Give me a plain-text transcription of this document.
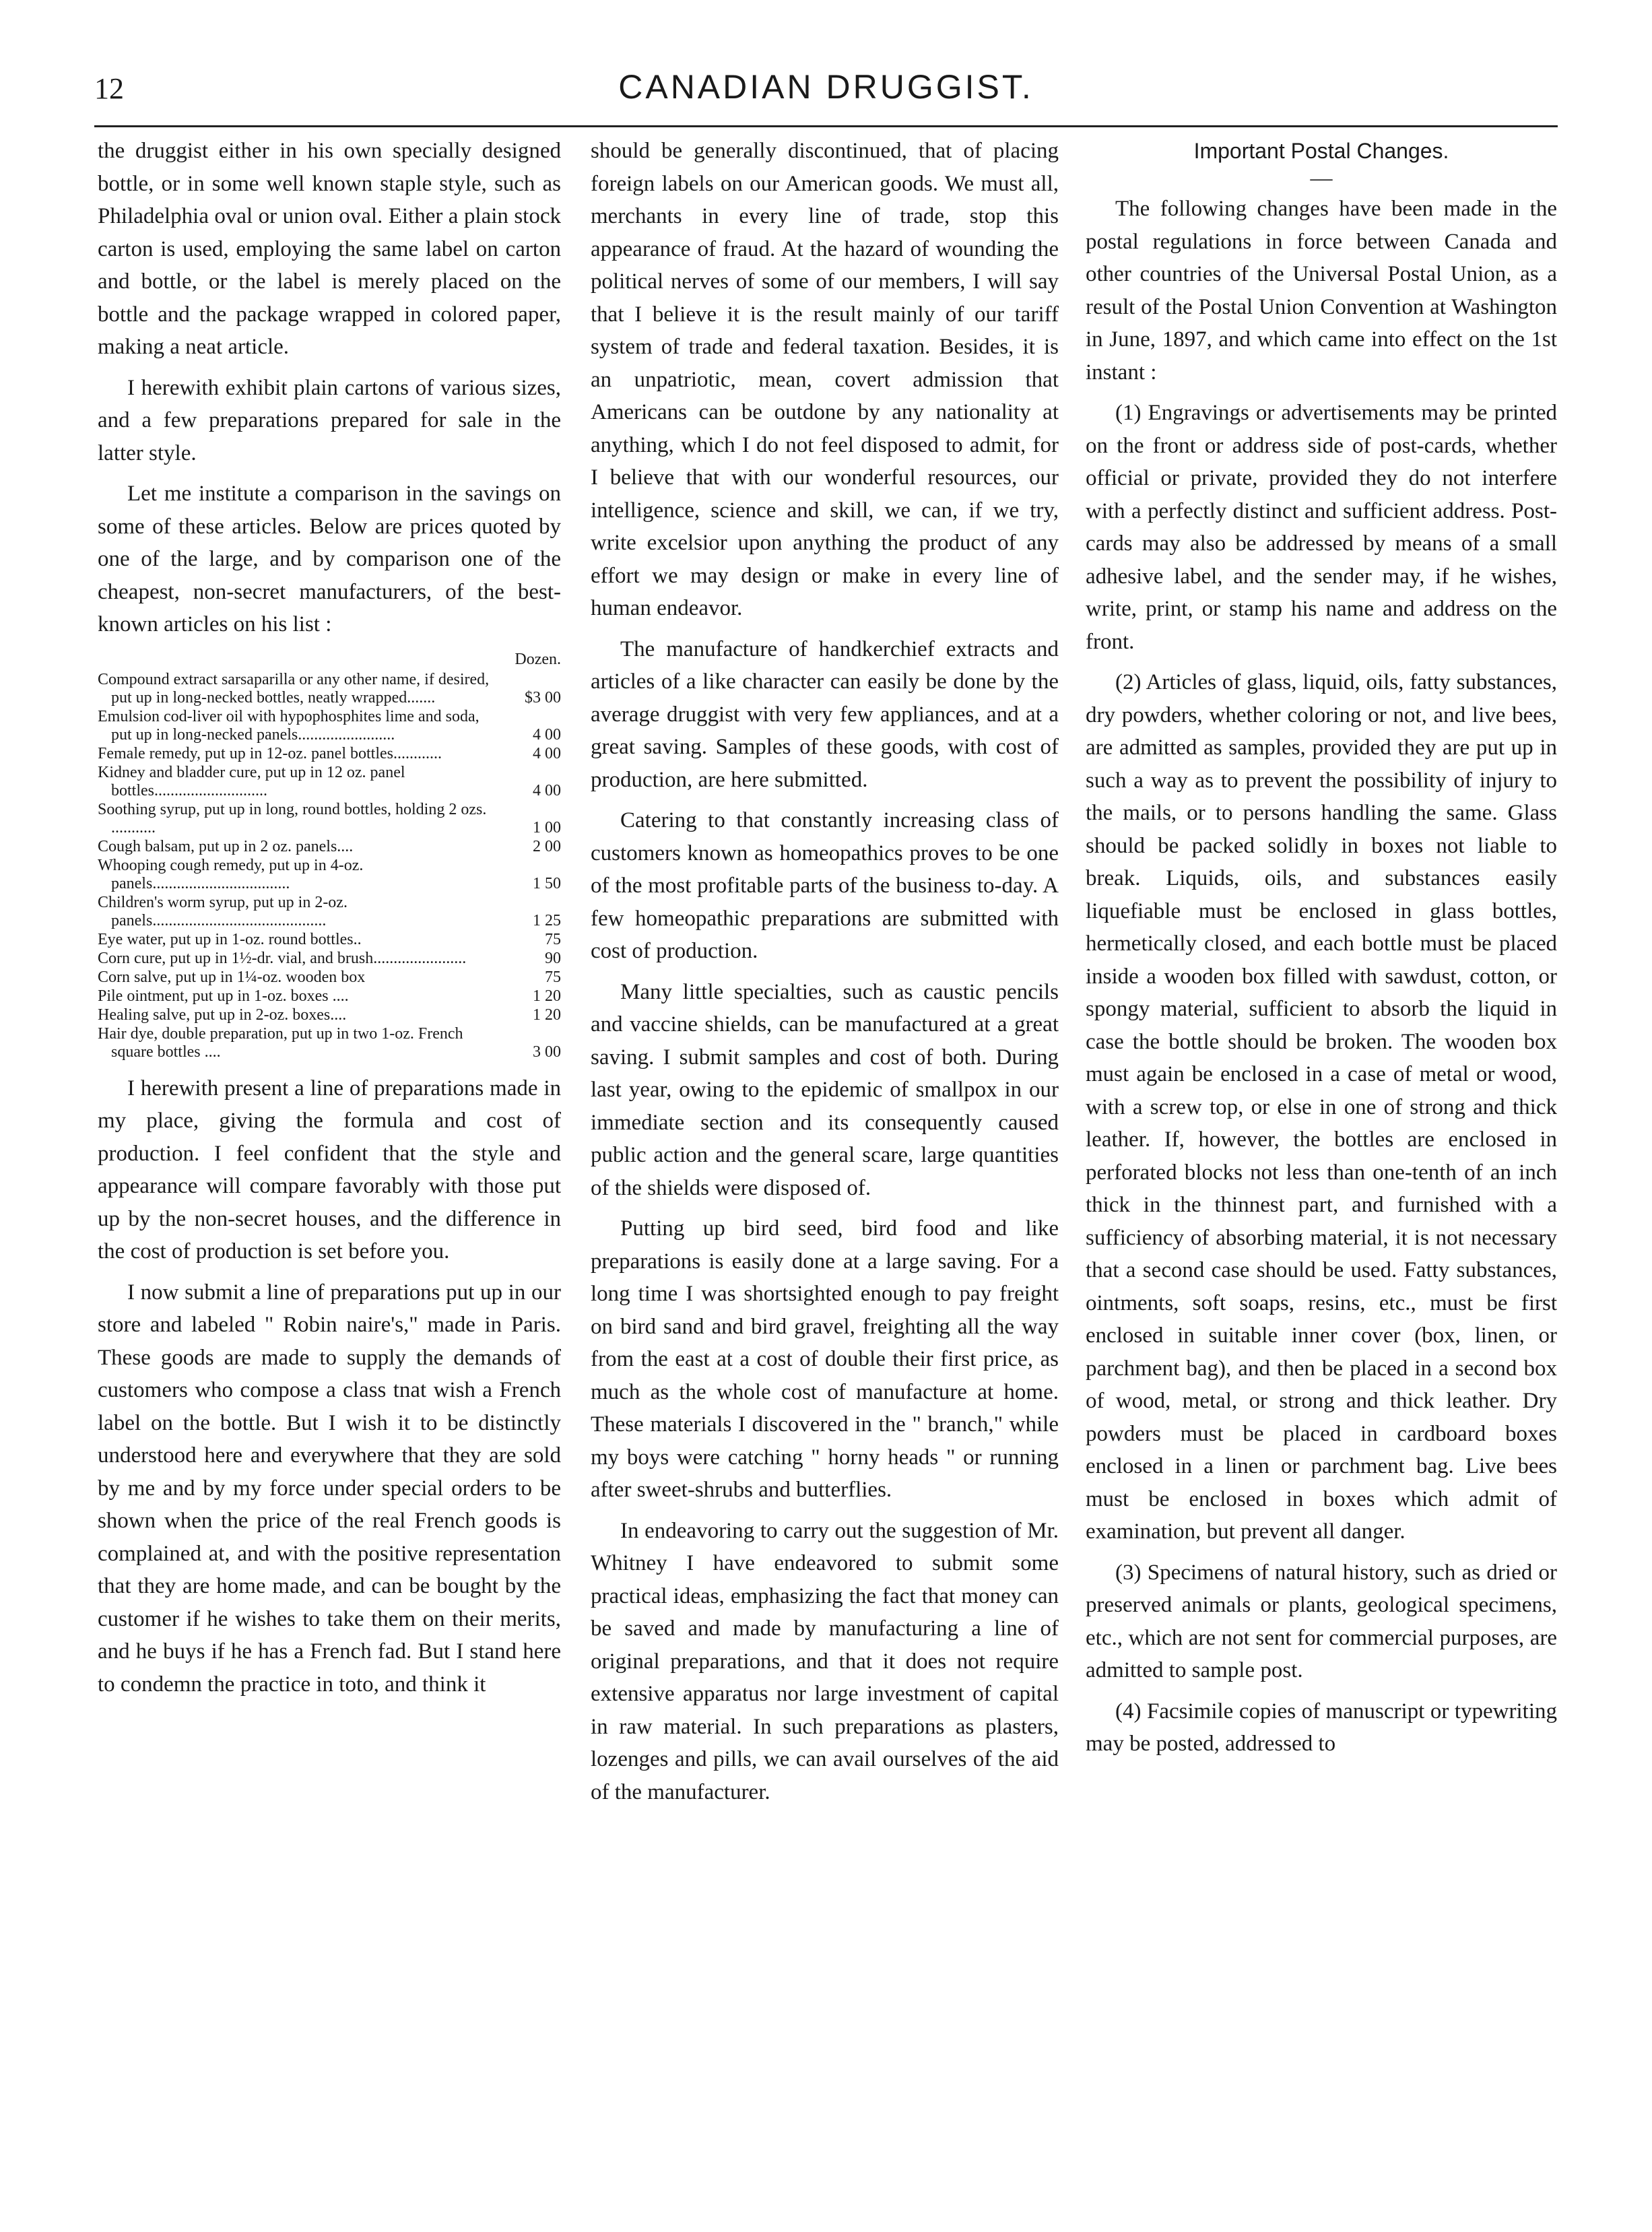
12	CANADIAN DRUGGIST.

the druggist either in his own specially designed bottle, or in some well known staple style, such as Philadelphia oval or union oval. Either a plain stock carton is used, employing the same label on carton and bottle, or the label is merely placed on the bottle and the package wrapped in colored paper, making a neat article.

I herewith exhibit plain cartons of various sizes, and a few preparations prepared for sale in the latter style.

Let me institute a comparison in the savings on some of these articles. Below are prices quoted by one of the large, and by comparison one of the cheapest, non-secret manufacturers, of the best-known articles on his list :

Dozen.
Compound extract sarsaparilla or any other name, if desired, put up in long-necked bottles, neatly wrapped.......	$3 00
Emulsion cod-liver oil with hypophosphites lime and soda, put up in long-necked panels........................	4 00
Female remedy, put up in 12-oz. panel bottles............	4 00
Kidney and bladder cure, put up in 12 oz. panel bottles............................	4 00
Soothing syrup, put up in long, round bottles, holding 2 ozs. ...........	1 00
Cough balsam, put up in 2 oz. panels....	2 00
Whooping cough remedy, put up in 4-oz. panels..................................	1 50
Children's worm syrup, put up in 2-oz. panels...........................................	1 25
Eye water, put up in 1-oz. round bottles..	75
Corn cure, put up in 1½-dr. vial, and brush.......................	90
Corn salve, put up in 1¼-oz. wooden box	75
Pile ointment, put up in 1-oz. boxes ....	1 20
Healing salve, put up in 2-oz. boxes....	1 20
Hair dye, double preparation, put up in two 1-oz. French square bottles ....	3 00

I herewith present a line of preparations made in my place, giving the formula and cost of production. I feel confident that the style and appearance will compare favorably with those put up by the non-secret houses, and the difference in the cost of production is set before you.

I now submit a line of preparations put up in our store and labeled " Robin naire's," made in Paris. These goods are made to supply the demands of customers who compose a class tnat wish a French label on the bottle. But I wish it to be distinctly understood here and everywhere that they are sold by me and by my force under special orders to be shown when the price of the real French goods is complained at, and with the positive representation that they are home made, and can be bought by the customer if he wishes to take them on their merits, and he buys if he has a French fad. But I stand here to condemn the practice in toto, and think it

should be generally discontinued, that of placing foreign labels on our American goods. We must all, merchants in every line of trade, stop this appearance of fraud. At the hazard of wounding the political nerves of some of our members, I will say that I believe it is the result mainly of our tariff system of trade and federal taxation. Besides, it is an unpatriotic, mean, covert admission that Americans can be outdone by any nationality at anything, which I do not feel disposed to admit, for I believe that with our wonderful resources, our intelligence, science and skill, we can, if we try, write excelsior upon anything the product of any effort we may design or make in every line of human endeavor.

The manufacture of handkerchief extracts and articles of a like character can easily be done by the average druggist with very few appliances, and at a great saving. Samples of these goods, with cost of production, are here submitted.

Catering to that constantly increasing class of customers known as homeopathics proves to be one of the most profitable parts of the business to-day. A few homeopathic preparations are submitted with cost of production.

Many little specialties, such as caustic pencils and vaccine shields, can be manufactured at a great saving. I submit samples and cost of both. During last year, owing to the epidemic of smallpox in our immediate section and its consequently caused public action and the general scare, large quantities of the shields were disposed of.

Putting up bird seed, bird food and like preparations is easily done at a large saving. For a long time I was shortsighted enough to pay freight on bird sand and bird gravel, freighting all the way from the east at a cost of double their first price, as much as the whole cost of manufacture at home. These materials I discovered in the " branch," while my boys were catching " horny heads " or running after sweet-shrubs and butterflies.

In endeavoring to carry out the suggestion of Mr. Whitney I have endeavored to submit some practical ideas, emphasizing the fact that money can be saved and made by manufacturing a line of original preparations, and that it does not require extensive apparatus nor large investment of capital in raw material. In such preparations as plasters, lozenges and pills, we can avail ourselves of the aid of the manufacturer.

Important Postal Changes.
—

The following changes have been made in the postal regulations in force between Canada and other countries of the Universal Postal Union, as a result of the Postal Union Convention at Washington in June, 1897, and which came into effect on the 1st instant :

(1) Engravings or advertisements may be printed on the front or address side of post-cards, whether official or private, provided they do not interfere with a perfectly distinct and sufficient address. Post-cards may also be addressed by means of a small adhesive label, and the sender may, if he wishes, write, print, or stamp his name and address on the front.

(2) Articles of glass, liquid, oils, fatty substances, dry powders, whether coloring or not, and live bees, are admitted as samples, provided they are put up in such a way as to prevent the possibility of injury to the mails, or to persons handling the same. Glass should be packed solidly in boxes not liable to break. Liquids, oils, and substances easily liquefiable must be enclosed in glass bottles, hermetically closed, and each bottle must be placed inside a wooden box filled with sawdust, cotton, or spongy material, sufficient to absorb the liquid in case the bottle should be broken. The wooden box must again be enclosed in a case of metal or wood, with a screw top, or else in one of strong and thick leather. If, however, the bottles are enclosed in perforated blocks not less than one-tenth of an inch thick in the thinnest part, and furnished with a sufficiency of absorbing material, it is not necessary that a second case should be used. Fatty substances, ointments, soft soaps, resins, etc., must be first enclosed in suitable inner cover (box, linen, or parchment bag), and then be placed in a second box of wood, metal, or strong and thick leather. Dry powders must be placed in cardboard boxes enclosed in a linen or parchment bag. Live bees must be enclosed in boxes which admit of examination, but prevent all danger.

(3) Specimens of natural history, such as dried or preserved animals or plants, geological specimens, etc., which are not sent for commercial purposes, are admitted to sample post.

(4) Facsimile copies of manuscript or typewriting may be posted, addressed to
